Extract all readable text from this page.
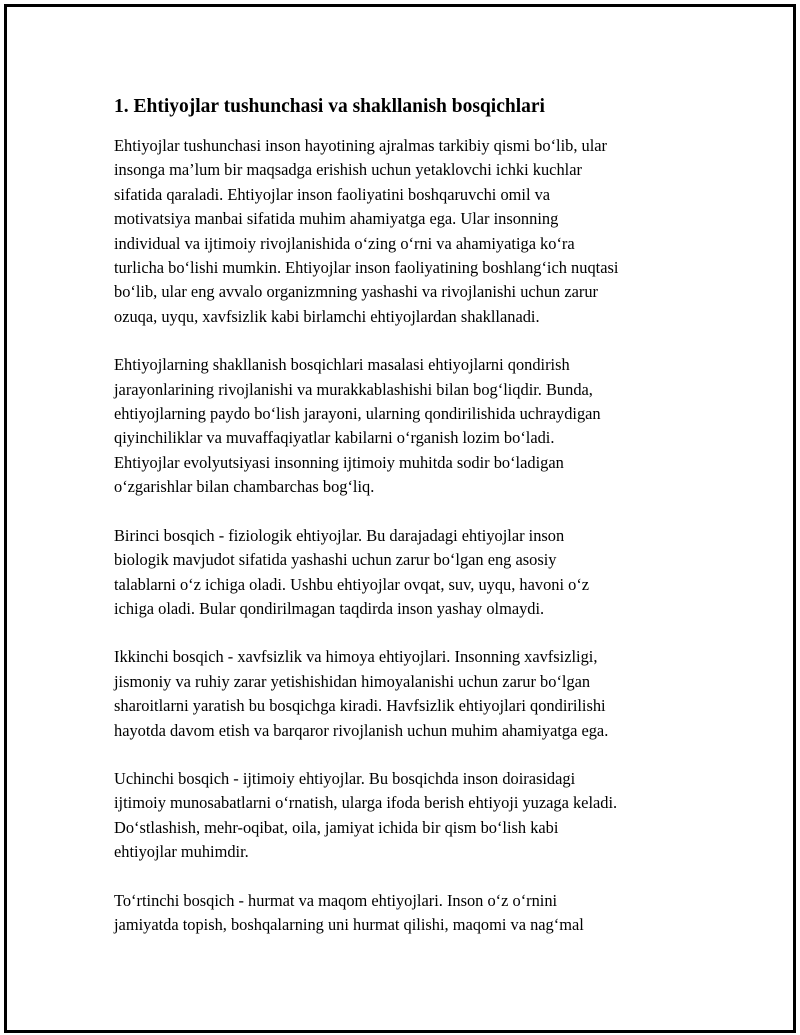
1. Ehtiyojlar tushunchasi va shakllanish bosqichlari
Ehtiyojlar tushunchasi inson hayotining ajralmas tarkibiy qismi bo‘lib, ular
insonga ma’lum bir maqsadga erishish uchun yetaklovchi ichki kuchlar
sifatida qaraladi. Ehtiyojlar inson faoliyatini boshqaruvchi omil va
motivatsiya manbai sifatida muhim ahamiyatga ega. Ular insonning
individual va ijtimoiy rivojlanishida o‘zing o‘rni va ahamiyatiga ko‘ra
turlicha bo‘lishi mumkin. Ehtiyojlar inson faoliyatining boshlang‘ich nuqtasi
bo‘lib, ular eng avvalo organizmning yashashi va rivojlanishi uchun zarur
ozuqa, uyqu, xavfsizlik kabi birlamchi ehtiyojlardan shakllanadi.
Ehtiyojlarning shakllanish bosqichlari masalasi ehtiyojlarni qondirish
jarayonlarining rivojlanishi va murakkablashishi bilan bog‘liqdir. Bunda,
ehtiyojlarning paydo bo‘lish jarayoni, ularning qondirilishida uchraydigan
qiyinchiliklar va muvaffaqiyatlar kabilarni o‘rganish lozim bo‘ladi.
Ehtiyojlar evolyutsiyasi insonning ijtimoiy muhitda sodir bo‘ladigan
o‘zgarishlar bilan chambarchas bog‘liq.
Birinci bosqich - fiziologik ehtiyojlar. Bu darajadagi ehtiyojlar inson
biologik mavjudot sifatida yashashi uchun zarur bo‘lgan eng asosiy
talablarni o‘z ichiga oladi. Ushbu ehtiyojlar ovqat, suv, uyqu, havoni o‘z
ichiga oladi. Bular qondirilmagan taqdirda inson yashay olmaydi.
Ikkinchi bosqich - xavfsizlik va himoya ehtiyojlari. Insonning xavfsizligi,
jismoniy va ruhiy zarar yetishishidan himoyalanishi uchun zarur bo‘lgan
sharoitlarni yaratish bu bosqichga kiradi. Havfsizlik ehtiyojlari qondirilishi
hayotda davom etish va barqaror rivojlanish uchun muhim ahamiyatga ega.
Uchinchi bosqich - ijtimoiy ehtiyojlar. Bu bosqichda inson doirasidagi
ijtimoiy munosabatlarni o‘rnatish, ularga ifoda berish ehtiyoji yuzaga keladi.
Do‘stlashish, mehr-oqibat, oila, jamiyat ichida bir qism bo‘lish kabi
ehtiyojlar muhimdir.
To‘rtinchi bosqich - hurmat va maqom ehtiyojlari. Inson o‘z o‘rnini
jamiyatda topish, boshqalarning uni hurmat qilishi, maqomi va nag‘mal
